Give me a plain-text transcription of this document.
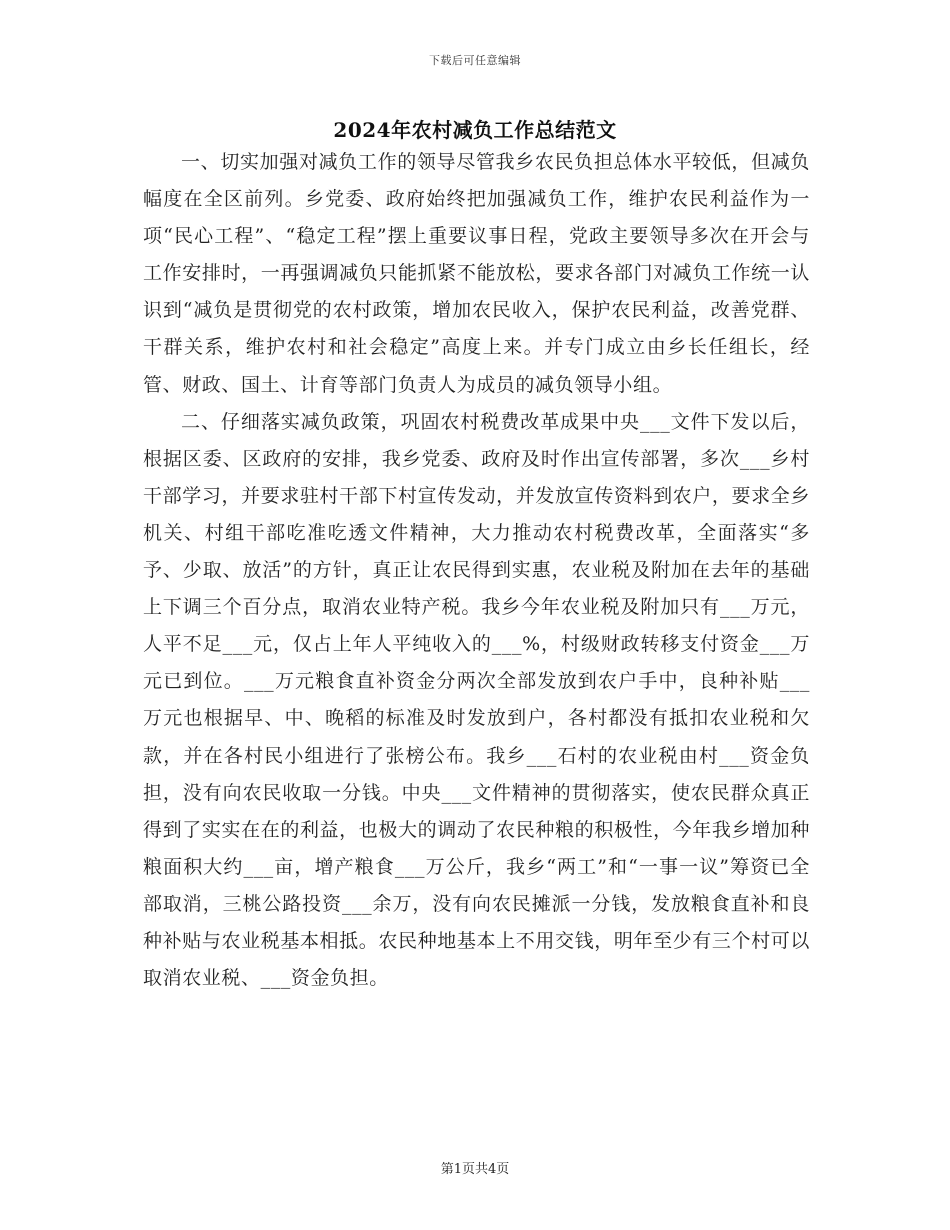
下载后可任意编辑
2024年农村减负工作总结范文

一、切实加强对减负工作的领导尽管我乡农民负担总体水平较低，但减负幅度在全区前列。乡党委、政府始终把加强减负工作，维护农民利益作为一项“民心工程”、“稳定工程”摆上重要议事日程，党政主要领导多次在开会与工作安排时，一再强调减负只能抓紧不能放松，要求各部门对减负工作统一认识到“减负是贯彻党的农村政策，增加农民收入，保护农民利益，改善党群、干群关系，维护农村和社会稳定”高度上来。并专门成立由乡长任组长，经管、财政、国土、计育等部门负责人为成员的减负领导小组。

二、仔细落实减负政策，巩固农村税费改革成果中央___文件下发以后，根据区委、区政府的安排，我乡党委、政府及时作出宣传部署，多次___乡村干部学习，并要求驻村干部下村宣传发动，并发放宣传资料到农户，要求全乡机关、村组干部吃准吃透文件精神，大力推动农村税费改革，全面落实“多予、少取、放活”的方针，真正让农民得到实惠，农业税及附加在去年的基础上下调三个百分点，取消农业特产税。我乡今年农业税及附加只有___万元，人平不足___元，仅占上年人平纯收入的___%，村级财政转移支付资金___万元已到位。___万元粮食直补资金分两次全部发放到农户手中，良种补贴___万元也根据早、中、晚稻的标准及时发放到户，各村都没有抵扣农业税和欠款，并在各村民小组进行了张榜公布。我乡___石村的农业税由村___资金负担，没有向农民收取一分钱。中央___文件精神的贯彻落实，使农民群众真正得到了实实在在的利益，也极大的调动了农民种粮的积极性，今年我乡增加种粮面积大约___亩，增产粮食___万公斤，我乡“两工”和“一事一议”筹资已全部取消，三桃公路投资___余万，没有向农民摊派一分钱，发放粮食直补和良种补贴与农业税基本相抵。农民种地基本上不用交钱，明年至少有三个村可以取消农业税、___资金负担。

第1页共4页
